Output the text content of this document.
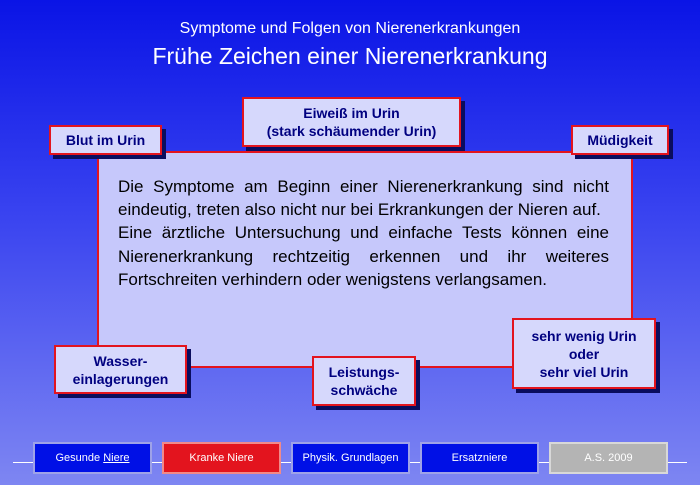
Symptome und Folgen von Nierenerkrankungen
Frühe Zeichen einer Nierenerkrankung

Die Symptome am Beginn einer Nierenerkrankung sind nicht eindeutig, treten also nicht nur bei Erkrankungen der Nieren auf.

Eine ärztliche Untersuchung und einfache Tests können eine Nierenerkrankung rechtzeitig erkennen und ihr weiteres Fortschreiten verhindern oder wenigstens verlangsamen.

Blut im Urin
Eiweiß im Urin
(stark schäumender Urin)
Müdigkeit
Wasser-
einlagerungen	Leistungs-
schwäche
sehr wenig Urin
oder
sehr viel Urin
Gesunde Niere	Kranke Niere	Physik. Grundlagen	Ersatzniere	A.S. 2009
